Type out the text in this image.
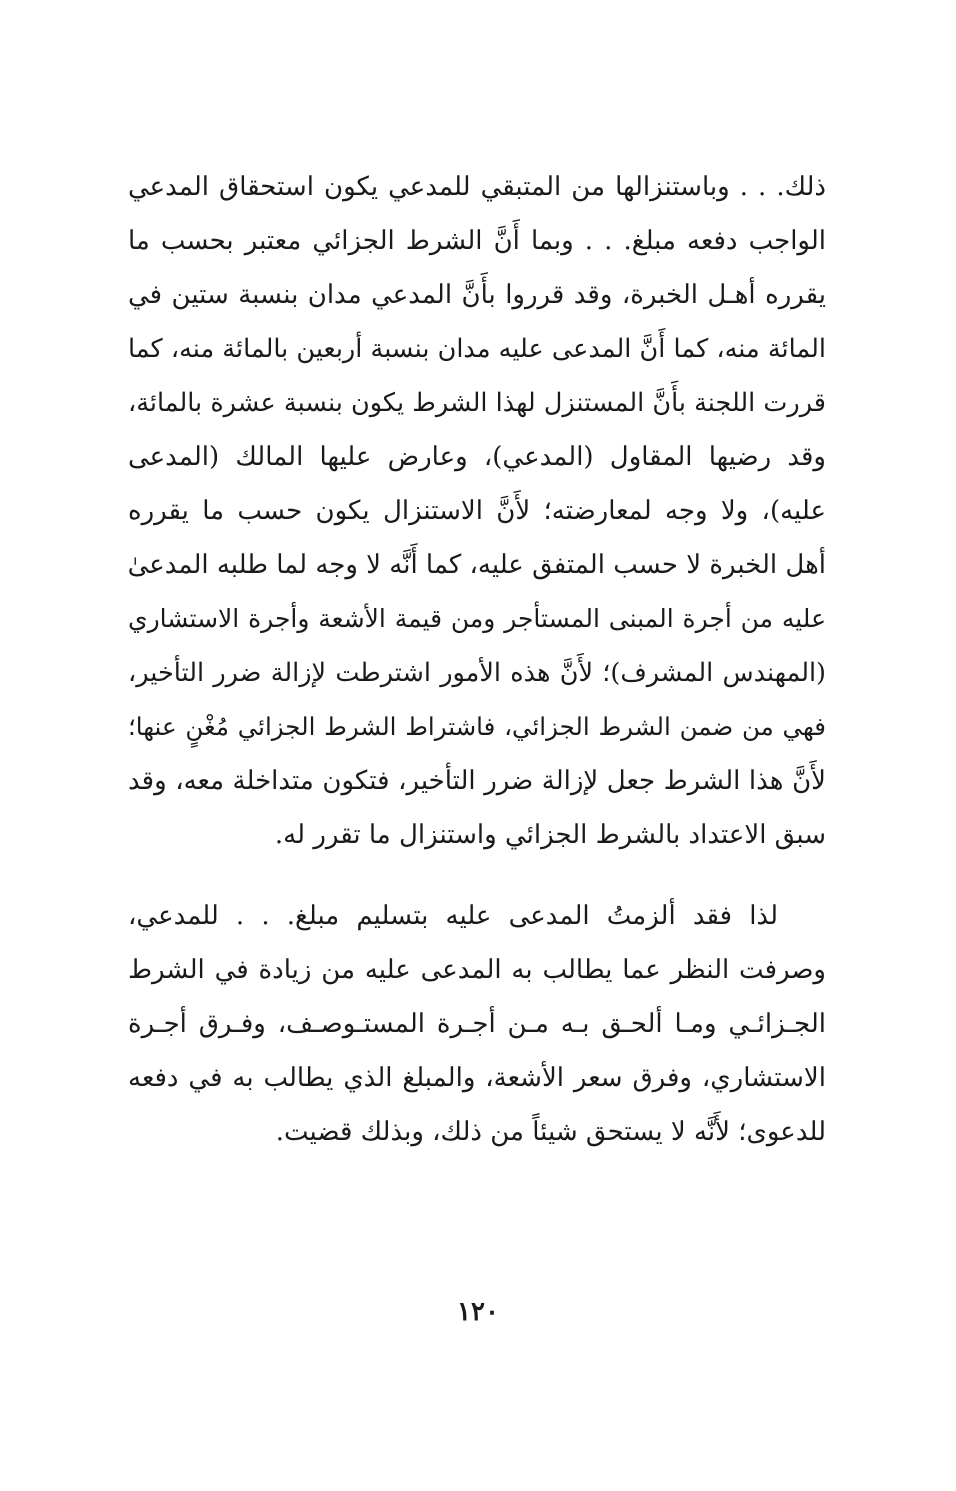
ذلك. . . وباستنزالها من المتبقي للمدعي يكون استحقاق المدعي
الواجب دفعه مبلغ. . . وبما أَنَّ الشرط الجزائي معتبر بحسب ما
يقرره أهـل الخبرة، وقد قرروا بأَنَّ المدعي مدان بنسبة ستين في
المائة منه، كما أَنَّ المدعى عليه مدان بنسبة أربعين بالمائة منه، كما
قررت اللجنة بأَنَّ المستنزل لهذا الشرط يكون بنسبة عشرة بالمائة،
وقد رضيها المقاول (المدعي)، وعارض عليها المالك (المدعى
عليه)، ولا وجه لمعارضته؛ لأَنَّ الاستنزال يكون حسب ما يقرره
أهل الخبرة لا حسب المتفق عليه، كما أَنَّه لا وجه لما طلبه المدعىٰ
عليه من أجرة المبنى المستأجر ومن قيمة الأشعة وأجرة الاستشاري
(المهندس المشرف)؛ لأَنَّ هذه الأمور اشترطت لإزالة ضرر التأخير،
فهي من ضمن الشرط الجزائي، فاشتراط الشرط الجزائي مُغْنٍ عنها؛
لأَنَّ هذا الشرط جعل لإزالة ضرر التأخير، فتكون متداخلة معه، وقد
سبق الاعتداد بالشرط الجزائي واستنزال ما تقرر له.
لذا فقد ألزمتُ المدعى عليه بتسليم مبلغ. . . للمدعي،
وصرفت النظر عما يطالب به المدعى عليه من زيادة في الشرط
الجـزائـي ومـا ألحـق بـه مـن أجـرة المستـوصـف، وفـرق أجـرة
الاستشاري، وفرق سعر الأشعة، والمبلغ الذي يطالب به في دفعه
للدعوى؛ لأَنَّه لا يستحق شيئاً من ذلك، وبذلك قضيت.
١٢٠
